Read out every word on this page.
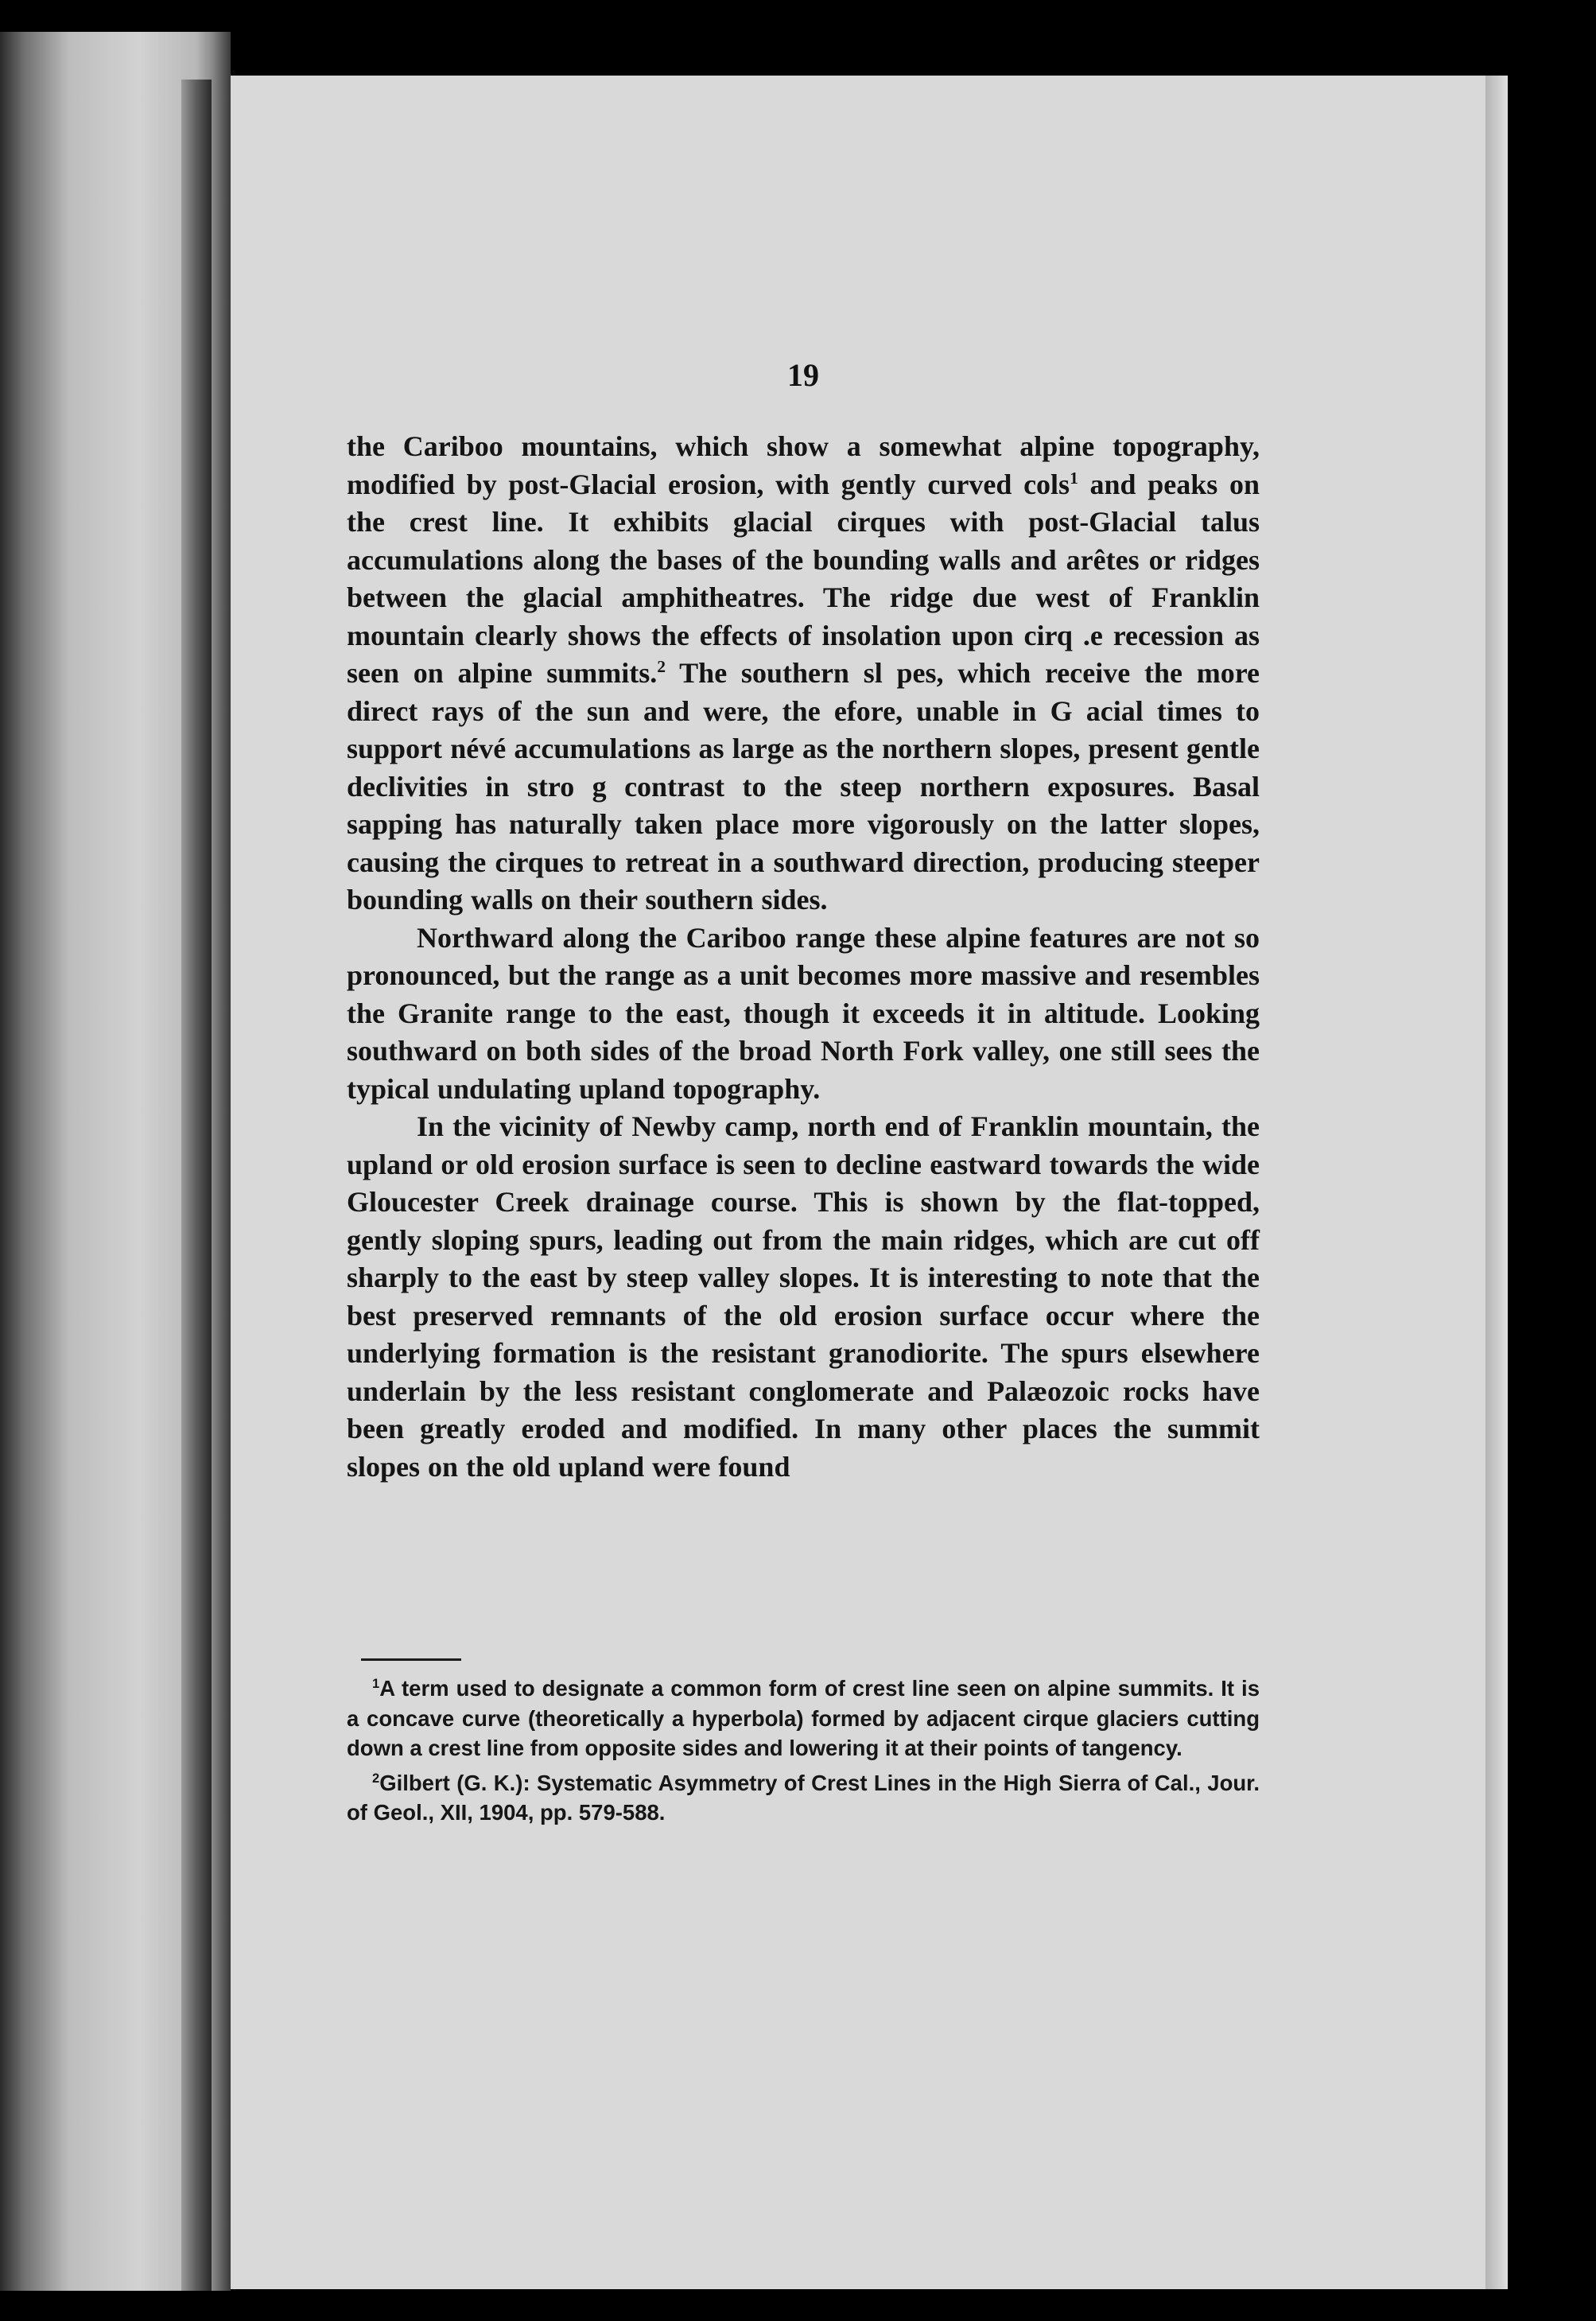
19

the Cariboo mountains, which show a somewhat alpine topography, modified by post-Glacial erosion, with gently curved cols$^1$ and peaks on the crest line. It exhibits glacial cirques with post-Glacial talus accumulations along the bases of the bounding walls and arêtes or ridges between the glacial amphitheatres. The ridge due west of Franklin mountain clearly shows the effects of insolation upon cirq .e recession as seen on alpine summits.$^2$ The southern sl pes, which receive the more direct rays of the sun and were, the efore, unable in G acial times to support névé accumulations as large as the northern slopes, present gentle declivities in stro g contrast to the steep northern exposures. Basal sapping has naturally taken place more vigorously on the latter slopes, causing the cirques to retreat in a southward direction, producing steeper bounding walls on their southern sides.

Northward along the Cariboo range these alpine features are not so pronounced, but the range as a unit becomes more massive and resembles the Granite range to the east, though it exceeds it in altitude. Looking southward on both sides of the broad North Fork valley, one still sees the typical undulating upland topography.

In the vicinity of Newby camp, north end of Franklin mountain, the upland or old erosion surface is seen to decline eastward towards the wide Gloucester Creek drainage course. This is shown by the flat-topped, gently sloping spurs, leading out from the main ridges, which are cut off sharply to the east by steep valley slopes. It is interesting to note that the best preserved remnants of the old erosion surface occur where the underlying formation is the resistant granodiorite. The spurs elsewhere underlain by the less resistant conglomerate and Palæozoic rocks have been greatly eroded and modified. In many other places the summit slopes on the old upland were found

$^1$A term used to designate a common form of crest line seen on alpine summits. It is a concave curve (theoretically a hyperbola) formed by adjacent cirque glaciers cutting down a crest line from opposite sides and lowering it at their points of tangency.

$^2$Gilbert (G. K.): Systematic Asymmetry of Crest Lines in the High Sierra of Cal., Jour. of Geol., XII, 1904, pp. 579-588.
